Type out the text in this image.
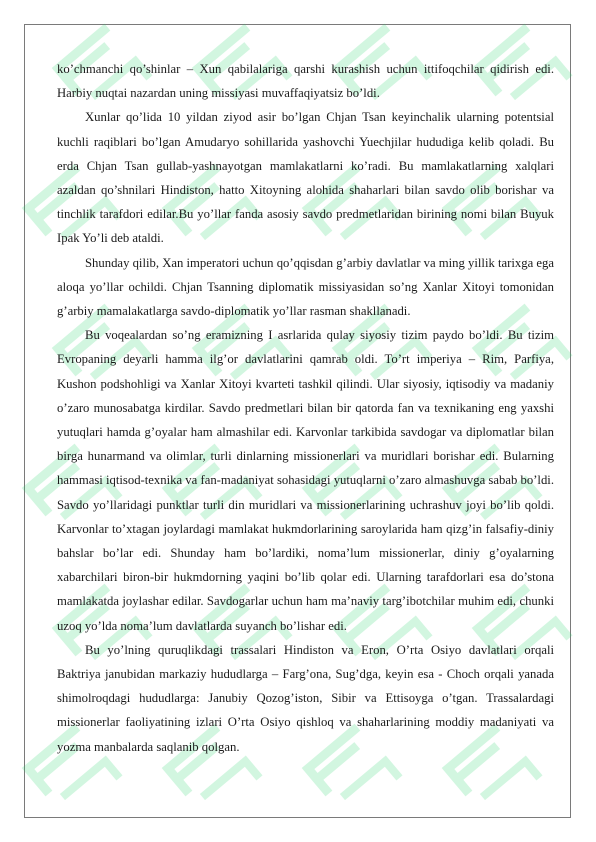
ko’chmanchi qo’shinlar – Xun qabilalariga qarshi kurashish uchun ittifoqchilar qidirish edi. Harbiy nuqtai nazardan uning missiyasi muvaffaqiyatsiz bo’ldi.

Xunlar qo’lida 10 yildan ziyod asir bo’lgan Chjan Tsan keyinchalik ularning potentsial kuchli raqiblari bo’lgan Amudaryo sohillarida yashovchi Yuechjilar hududiga kelib qoladi. Bu erda Chjan Tsan gullab-yashnayotgan mamlakatlarni ko’radi. Bu mamlakatlarning xalqlari azaldan qo’shnilari Hindiston, hatto Xitoyning alohida shaharlari bilan savdo olib borishar va tinchlik tarafdori edilar.Bu yo’llar fanda asosiy savdo predmetlaridan birining nomi bilan Buyuk Ipak Yo’li deb ataldi.

Shunday qilib, Xan imperatori uchun qo’qqisdan g’arbiy davlatlar va ming yillik tarixga ega aloqa yo’llar ochildi. Chjan Tsanning diplomatik missiyasidan so’ng Xanlar Xitoyi tomonidan g’arbiy mamalakatlarga savdo-diplomatik yo’llar rasman shakllanadi.

Bu voqealardan so’ng eramizning I asrlarida qulay siyosiy tizim paydo bo’ldi. Bu tizim Evropaning deyarli hamma ilg’or davlatlarini qamrab oldi. To’rt imperiya – Rim, Parfiya, Kushon podshohligi va Xanlar Xitoyi kvarteti tashkil qilindi. Ular siyosiy, iqtisodiy va madaniy o’zaro munosabatga kirdilar. Savdo predmetlari bilan bir qatorda fan va texnikaning eng yaxshi yutuqlari hamda g’oyalar ham almashilar edi. Karvonlar tarkibida savdogar va diplomatlar bilan birga hunarmand va olimlar, turli dinlarning missionerlari va muridlari borishar edi. Bularning hammasi iqtisod-texnika va fan-madaniyat sohasidagi yutuqlarni o’zaro almashuvga sabab bo’ldi. Savdo yo’llaridagi punktlar turli din muridlari va missionerlarining uchrashuv joyi bo’lib qoldi. Karvonlar to’xtagan joylardagi mamlakat hukmdorlarining saroylarida ham qizg’in falsafiy-diniy bahslar bo’lar edi. Shunday ham bo’lardiki, noma’lum missionerlar, diniy g’oyalarning xabarchilari biron-bir hukmdorning yaqini bo’lib qolar edi. Ularning tarafdorlari esa do’stona mamlakatda joylashar edilar. Savdogarlar uchun ham ma’naviy targ’ibotchilar muhim edi, chunki uzoq yo’lda noma’lum davlatlarda suyanch bo’lishar edi.

Bu yo’lning quruqlikdagi trassalari Hindiston va Eron, O’rta Osiyo davlatlari orqali Baktriya janubidan markaziy hududlarga – Farg’ona, Sug’dga, keyin esa - Choch orqali yanada shimolroqdagi hududlarga: Janubiy Qozog’iston, Sibir va Ettisoyga o’tgan. Trassalardagi missionerlar faoliyatining izlari O’rta Osiyo qishloq va shaharlarining moddiy madaniyati va yozma manbalarda saqlanib qolgan.
